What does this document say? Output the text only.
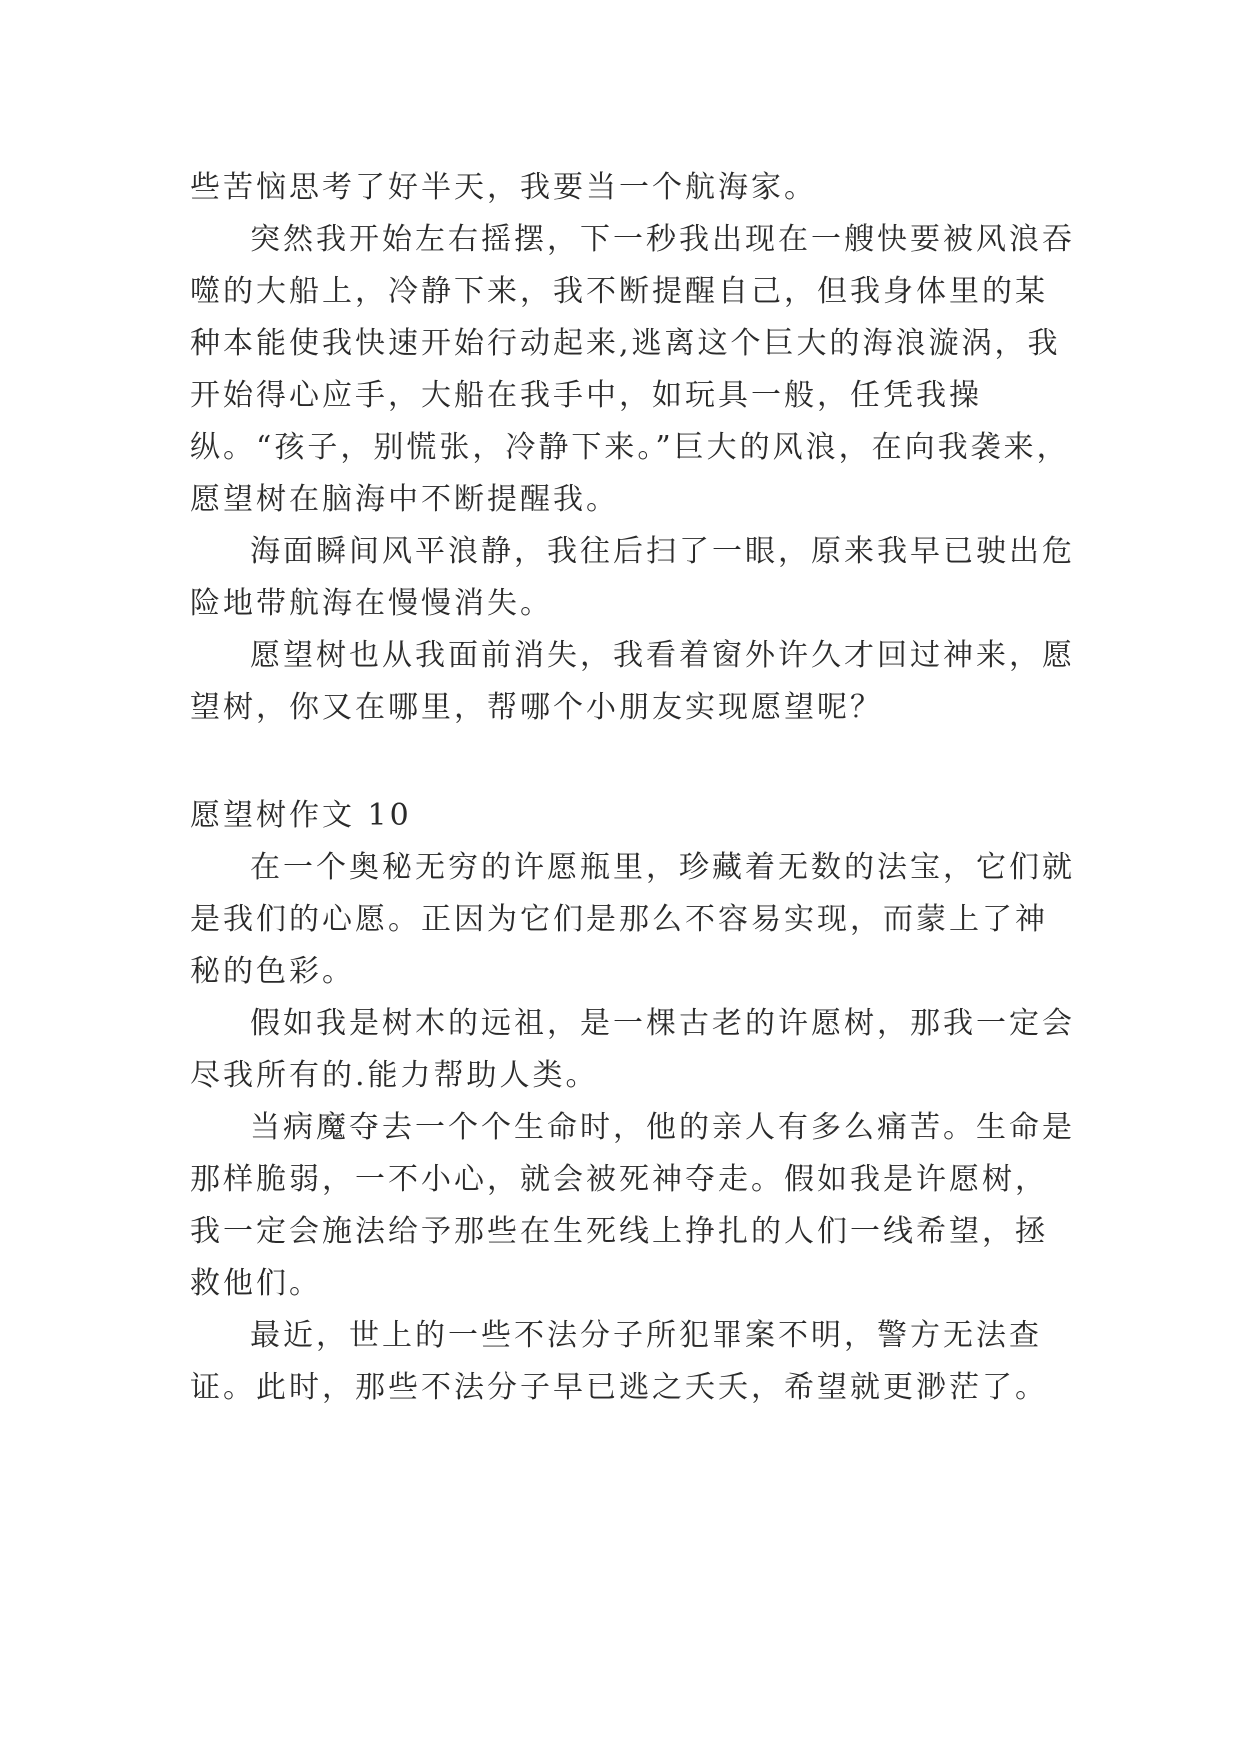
些苦恼思考了好半天，我要当一个航海家。

突然我开始左右摇摆，下一秒我出现在一艘快要被风浪吞噬的大船上，冷静下来，我不断提醒自己，但我身体里的某种本能使我快速开始行动起来,逃离这个巨大的海浪漩涡，我开始得心应手，大船在我手中，如玩具一般，任凭我操纵。“孩子，别慌张，冷静下来。”巨大的风浪，在向我袭来，愿望树在脑海中不断提醒我。

海面瞬间风平浪静，我往后扫了一眼，原来我早已驶出危险地带航海在慢慢消失。

愿望树也从我面前消失，我看着窗外许久才回过神来，愿望树，你又在哪里，帮哪个小朋友实现愿望呢？

愿望树作文 10

在一个奥秘无穷的许愿瓶里，珍藏着无数的法宝，它们就是我们的心愿。正因为它们是那么不容易实现，而蒙上了神秘的色彩。

假如我是树木的远祖，是一棵古老的许愿树，那我一定会尽我所有的.能力帮助人类。

当病魔夺去一个个生命时，他的亲人有多么痛苦。生命是那样脆弱，一不小心，就会被死神夺走。假如我是许愿树，我一定会施法给予那些在生死线上挣扎的人们一线希望，拯救他们。

最近，世上的一些不法分子所犯罪案不明，警方无法查证。此时，那些不法分子早已逃之夭夭，希望就更渺茫了。
